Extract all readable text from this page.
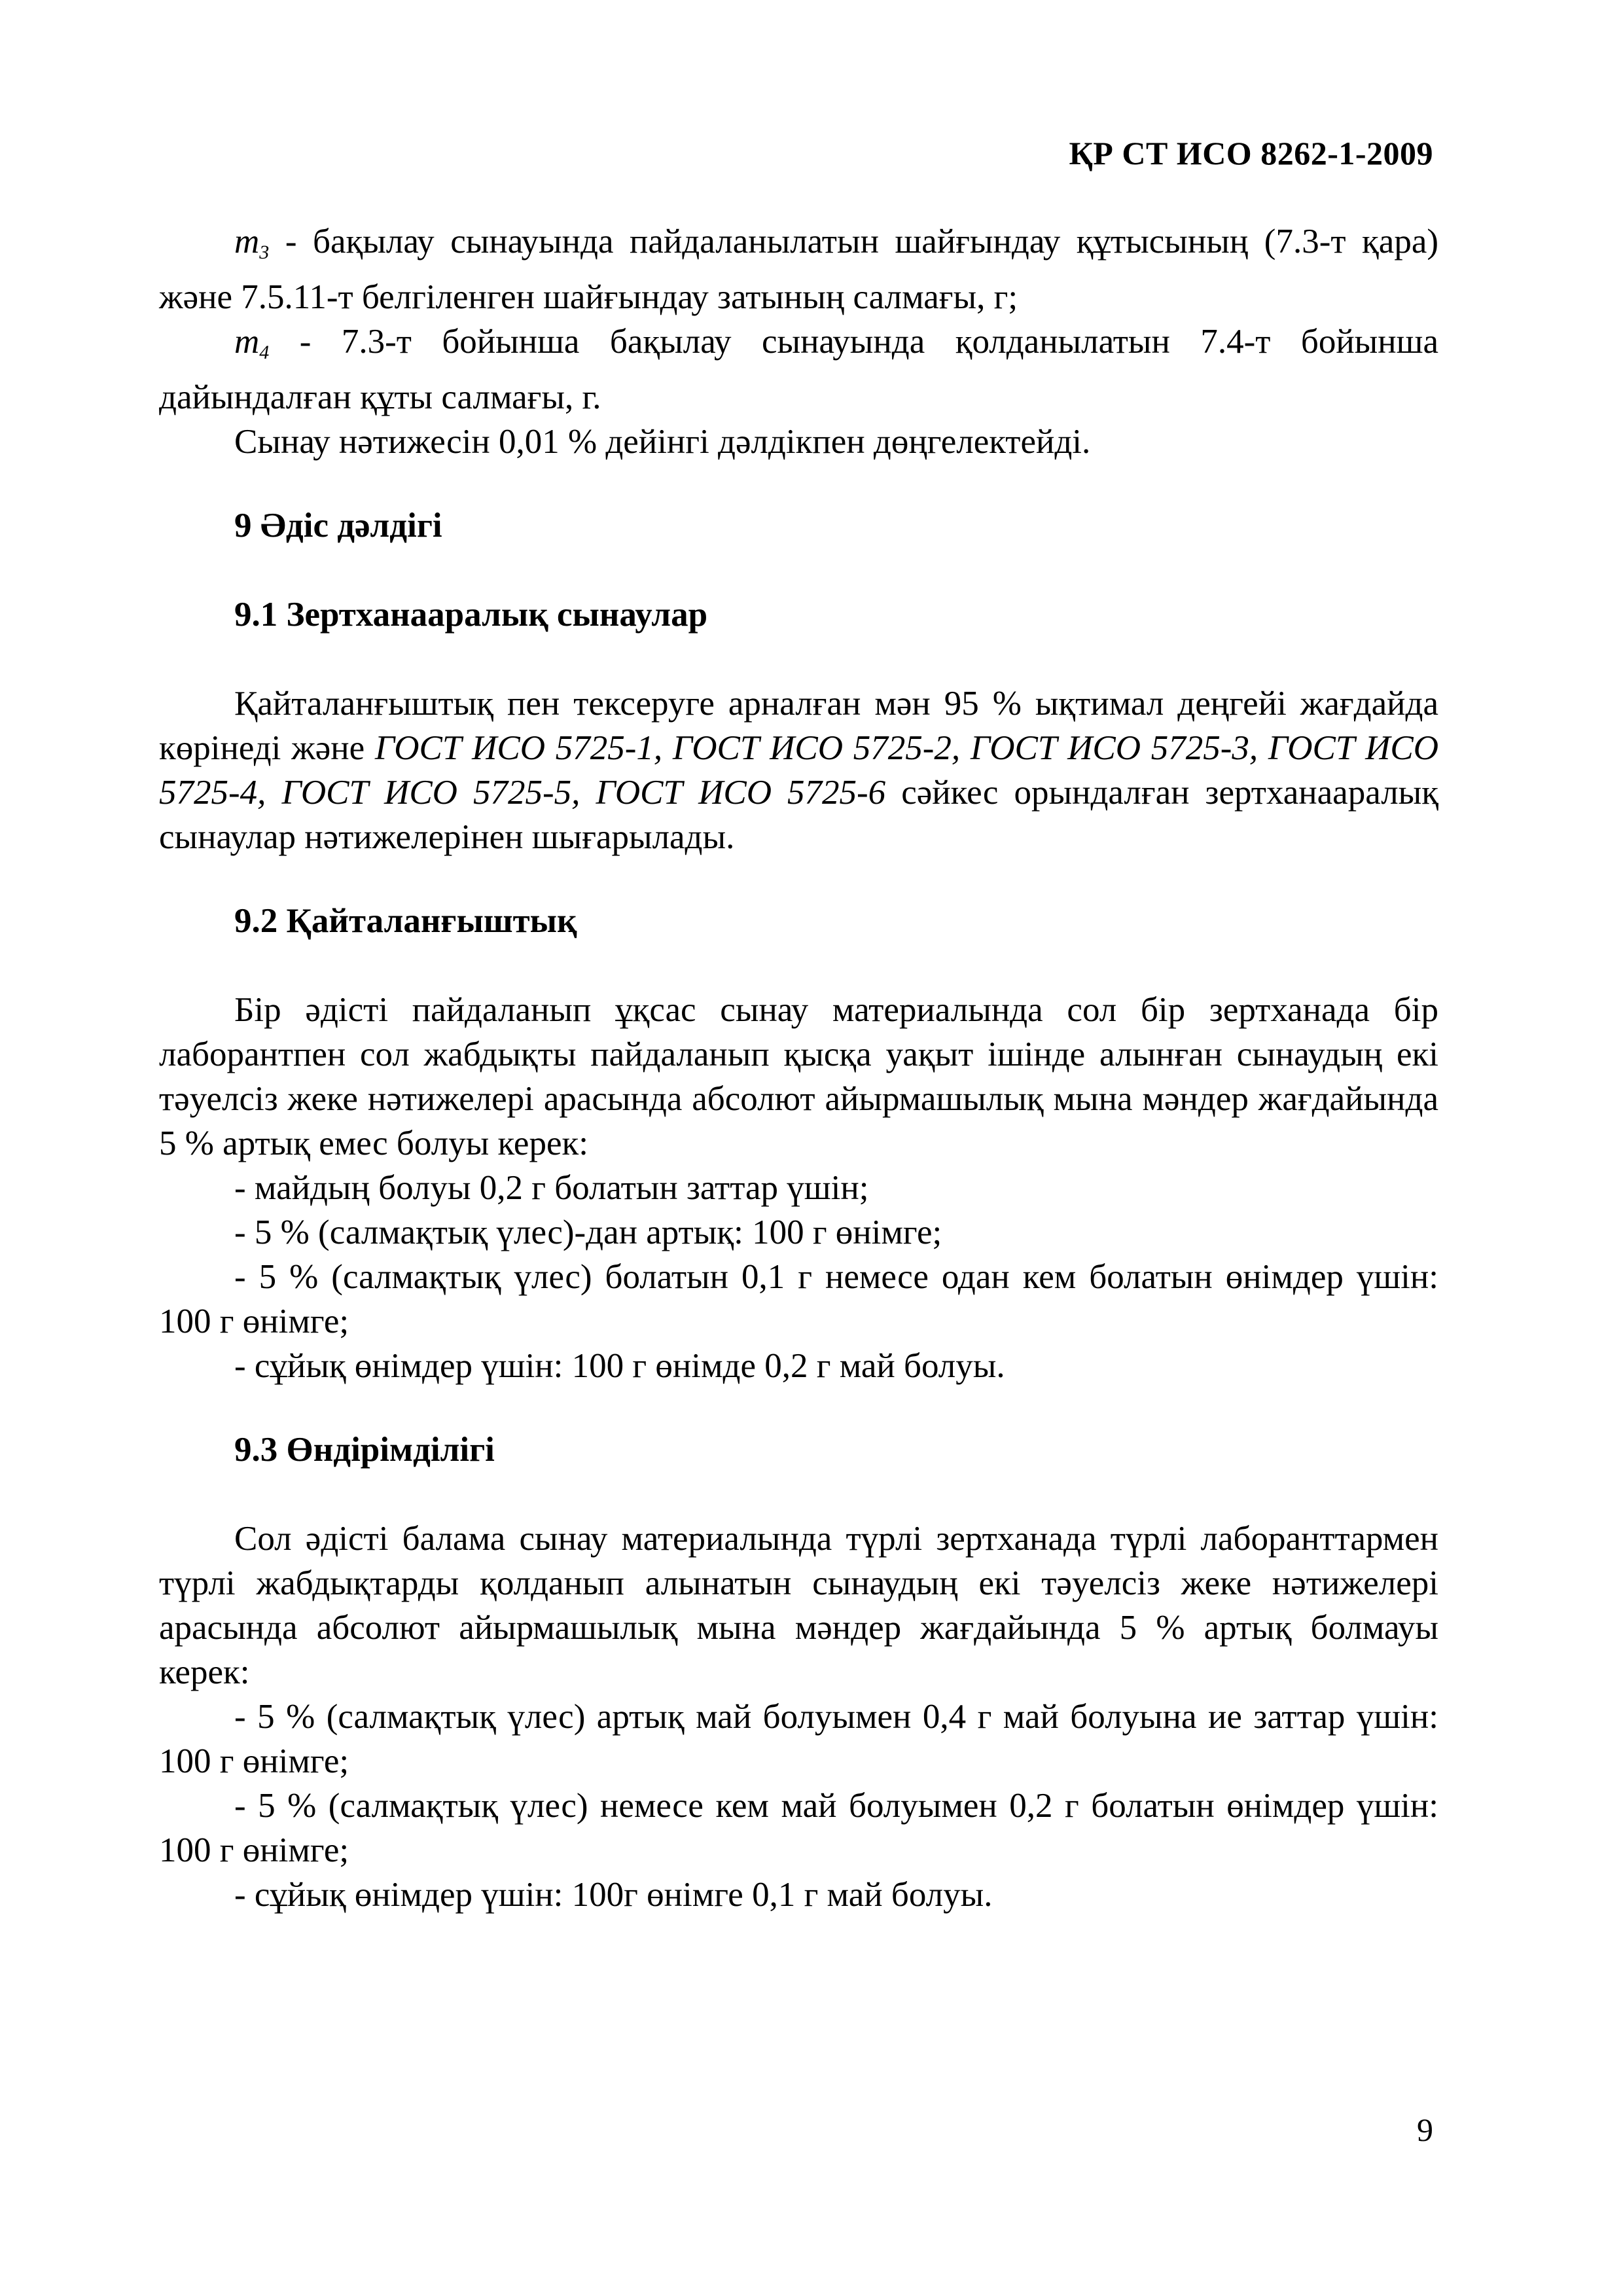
ҚР СТ ИСО 8262-1-2009

$m_3$ - бақылау сынауында пайдаланылатын шайғындау құтысының (7.3-т қара) және 7.5.11-т белгіленген шайғындау затының салмағы, г;

$m_4 - 7.3-т$ бойынша бақылау сынауында қолданылатын 7.4-т бойынша дайындалған құты салмағы, г.

Сынау нәтижесін 0,01 % дейінгі дәлдікпен дөңгелектейді.

9 Әдіс дәлдігі

9.1 Зертханааралық сынаулар

Қайталанғыштық пен тексеруге арналған мән 95 % ықтимал деңгейі жағдайда көрінеді және ГОСТ ИСО 5725-1, ГОСТ ИСО 5725-2, ГОСТ ИСО 5725-3, ГОСТ ИСО 5725-4, ГОСТ ИСО 5725-5, ГОСТ ИСО 5725-6 сәйкес орындалған зертханааралық сынаулар нәтижелерінен шығарылады.

9.2 Қайталанғыштық

Бір әдісті пайдаланып ұқсас сынау материалында сол бір зертханада бір лаборантпен сол жабдықты пайдаланып қысқа уақыт ішінде алынған сынаудың екі тәуелсіз жеке нәтижелері арасында абсолют айырмашылық мына мәндер жағдайында 5 % артық емес болуы керек:

- майдың болуы 0,2 г болатын заттар үшін;

- 5 % (салмақтық үлес)-дан артық: 100 г өнімге;

- 5 % (салмақтық үлес) болатын 0,1 г немесе одан кем болатын өнімдер үшін: 100 г өнімге;

- сұйық өнімдер үшін: 100 г өнімде 0,2 г май болуы.

9.3 Өндірімділігі

Сол әдісті балама сынау материалында түрлі зертханада түрлі лаборанттармен түрлі жабдықтарды қолданып алынатын сынаудың екі тәуелсіз жеке нәтижелері арасында абсолют айырмашылық мына мәндер жағдайында 5 % артық болмауы керек:

- 5 % (салмақтық үлес) артық май болуымен 0,4 г май болуына ие заттар үшін: 100 г өнімге;

- 5 % (салмақтық үлес) немесе кем май болуымен 0,2 г болатын өнімдер үшін: 100 г өнімге;

- сұйық өнімдер үшін: 100г өнімге 0,1 г май болуы.

9
